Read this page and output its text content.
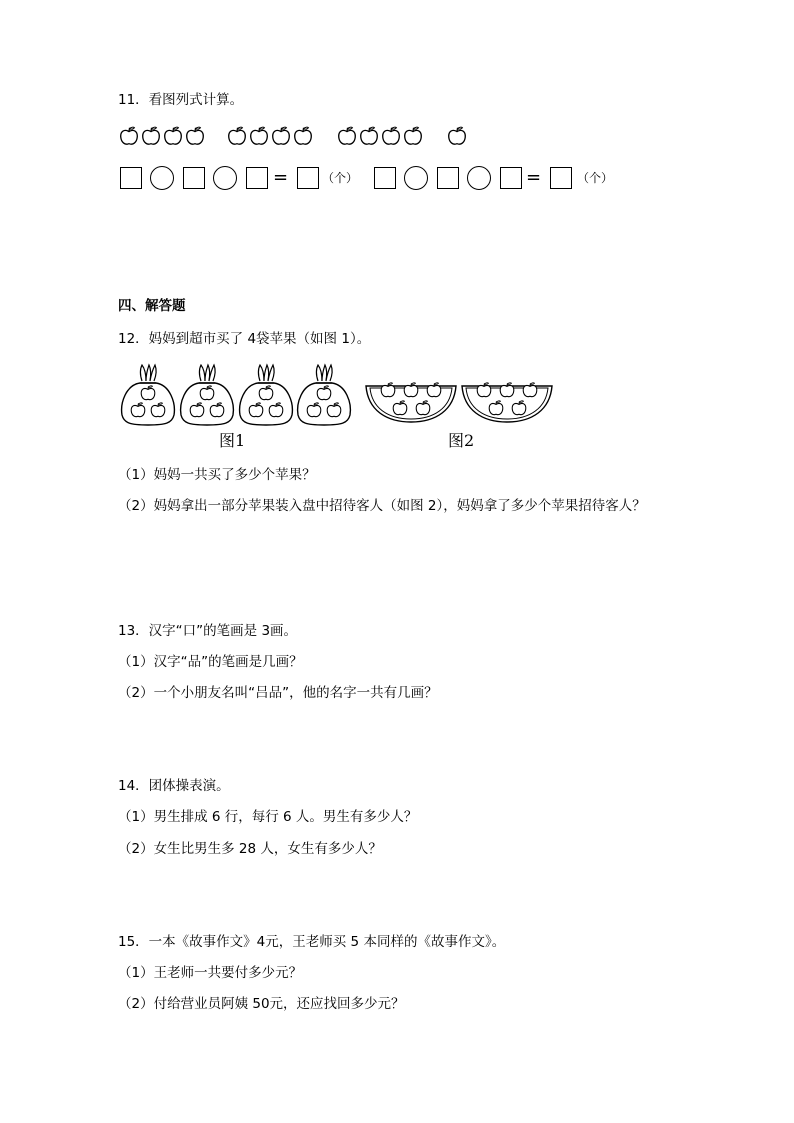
11．看图列式计算。
=	（个）	=	（个）
四、解答题
12．妈妈到超市买了 4袋苹果（如图 1）。
图1	图2
（1）妈妈一共买了多少个苹果？
（2）妈妈拿出一部分苹果装入盘中招待客人（如图 2），妈妈拿了多少个苹果招待客人？
13．汉字“口”的笔画是 3画。
（1）汉字“品”的笔画是几画？
（2）一个小朋友名叫“吕品”，他的名字一共有几画？
14．团体操表演。
（1）男生排成 6 行，每行 6 人。男生有多少人？
（2）女生比男生多 28 人，女生有多少人？
15．一本《故事作文》4元，王老师买 5 本同样的《故事作文》。
（1）王老师一共要付多少元？
（2）付给营业员阿姨 50元，还应找回多少元？
